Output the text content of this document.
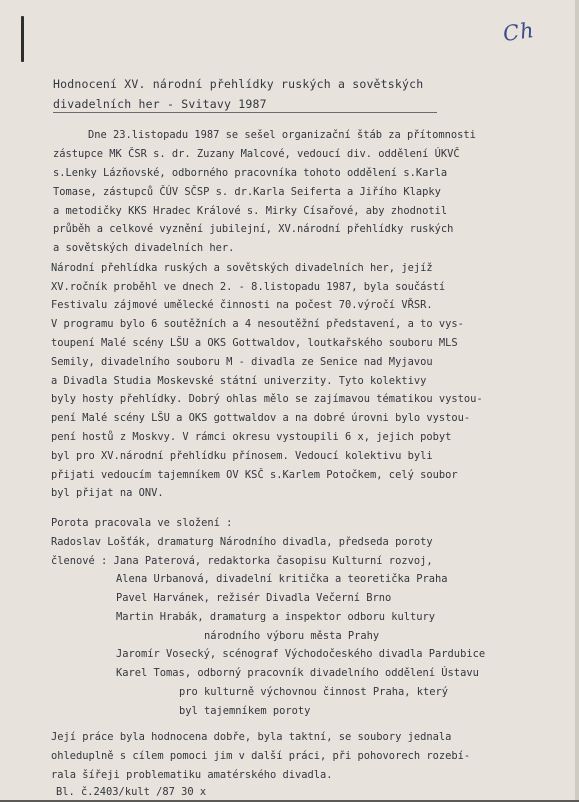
Ch
Hodnocení XV. národní přehlídky ruských a sovětských
divadelních her - Svitavy 1987
Dne 23.listopadu 1987 se sešel organizační štáb za přítomnosti
zástupce MK ČSR s. dr. Zuzany Malcové, vedoucí div. oddělení ÚKVČ
s.Lenky Lázňovské, odborného pracovníka tohoto oddělení s.Karla
Tomase, zástupců ČÚV SČSP s. dr.Karla Seiferta a Jiřího Klapky
a metodičky KKS Hradec Králové s. Mirky Císařové, aby zhodnotil
průběh a celkové vyznění jubilejní, XV.národní přehlídky ruských
a sovětských divadelních her.
Národní přehlídka ruských a sovětských divadelních her, jejíž
XV.ročník proběhl ve dnech 2. - 8.listopadu 1987, byla součástí
Festivalu zájmové umělecké činnosti na počest 70.výročí VŘSR.
V programu bylo 6 soutěžních a 4 nesoutěžní představení, a to vys-
toupení Malé scény LŠU a OKS Gottwaldov, loutkařského souboru MLS
Semily, divadelního souboru M - divadla ze Senice nad Myjavou
a Divadla Studia Moskevské státní univerzity. Tyto kolektivy
byly hosty přehlídky. Dobrý ohlas mělo se zajímavou tématikou vystou-
pení Malé scény LŠU a OKS gottwaldov a na dobré úrovni bylo vystou-
pení hostů z Moskvy. V rámci okresu vystoupili 6 x, jejich pobyt
byl pro XV.národní přehlídku přínosem. Vedoucí kolektivu byli
přijati vedoucím tajemníkem OV KSČ s.Karlem Potočkem, celý soubor
byl přijat na ONV.
Porota pracovala ve složení :
Radoslav Lošťák, dramaturg Národního divadla, předseda poroty
členové : Jana Paterová, redaktorka časopisu Kulturní rozvoj,
Alena Urbanová, divadelní kritička a teoretička Praha
Pavel Harvánek, režisér Divadla Večerní Brno
Martin Hrabák, dramaturg a inspektor odboru kultury
národního výboru města Prahy
Jaromír Vosecký, scénograf Východočeského divadla Pardubice
Karel Tomas, odborný pracovník divadelního oddělení Ústavu
pro kulturně výchovnou činnost Praha, který
byl tajemníkem poroty
Její práce byla hodnocena dobře, byla taktní, se soubory jednala
ohleduplně s cílem pomoci jim v další práci, při pohovorech rozebí-
rala šířeji problematiku amatérského divadla.
Bl. č.2403/kult /87 30 x
